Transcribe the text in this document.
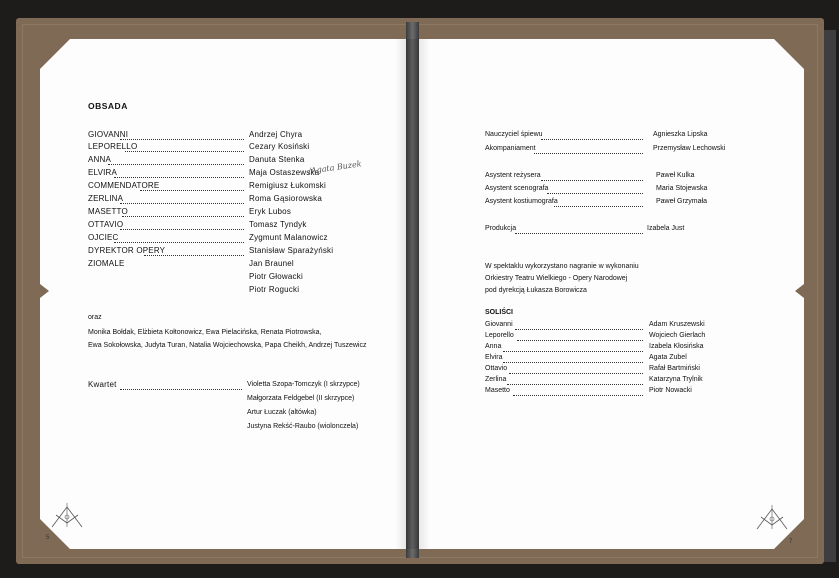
OBSADA
GIOVANNI	Andrzej Chyra
LEPORELLO	Cezary Kosiński
ANNA	Danuta Stenka
ELVIRA	Maja Ostaszewska
/Agata Buzek
COMMENDATORE	Remigiusz Łukomski
ZERLINA	Roma Gąsiorowska
MASETTO	Eryk Lubos
OTTAVIO	Tomasz Tyndyk
OJCIEC	Zygmunt Malanowicz
DYREKTOR OPERY	Stanisław Sparażyński
ZIOMALE	Jan Braunel
Piotr Głowacki
Piotr Rogucki
oraz
Monika Bołdak, Elżbieta Kołtonowicz, Ewa Pielacińska, Renata Piotrowska,
Ewa Sokołowska, Judyta Turan, Natalia Wojciechowska, Papa Cheikh, Andrzej Tuszewicz
Kwartet	Violetta Szopa-Tomczyk (I skrzypce)
Małgorzata Feldgebel (II skrzypce)
Artur Łuczak (altówka)
Justyna Rekść-Raubo (wiolonczela)
5
Nauczyciel śpiewu	Agnieszka Lipska
Akompaniament	Przemysław Lechowski
Asystent reżysera	Paweł Kulka
Asystent scenografa	Maria Stojewska
Asystent kostiumografa	Paweł Grzymała
Produkcja	Izabela Just
W spektaklu wykorzystano nagranie w wykonaniu
Orkiestry Teatru Wielkiego - Opery Narodowej
pod dyrekcją Łukasza Borowicza
SOLIŚCI
Giovanni	Adam Kruszewski
Leporello	Wojciech Gierlach
Anna	Izabela Kłosińska
Elvira	Agata Zubel
Ottavio	Rafał Bartmiński
Zerlina	Katarzyna Trylnik
Masetto	Piotr Nowacki
7
